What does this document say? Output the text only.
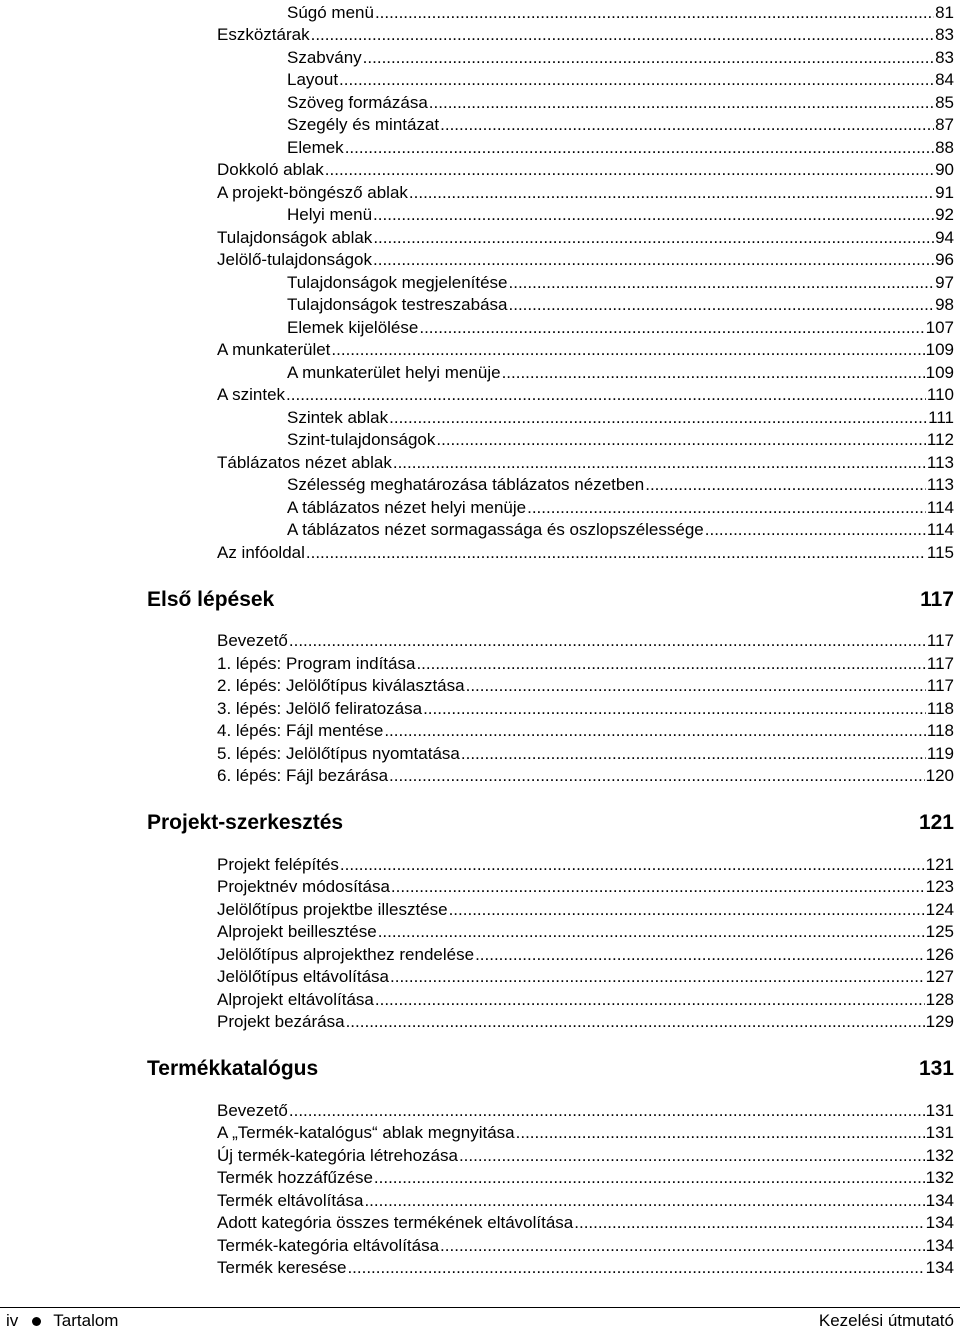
Súgó menü .....	81
Eszköztárak .....	83
Szabvány .....	83
Layout .....	84
Szöveg formázása .....	85
Szegély és mintázat .....	87
Elemek .....	88
Dokkoló ablak .....	90
A projekt-böngésző ablak .....	91
Helyi menü .....	92
Tulajdonságok ablak .....	94
Jelölő-tulajdonságok .....	96
Tulajdonságok megjelenítése .....	97
Tulajdonságok testreszabása .....	98
Elemek kijelölése .....	107
A munkaterület .....	109
A munkaterület helyi menüje .....	109
A szintek .....	110
Szintek ablak .....	111
Szint-tulajdonságok .....	112
Táblázatos nézet ablak .....	113
Szélesség meghatározása táblázatos nézetben .....	113
A táblázatos nézet helyi menüje .....	114
A táblázatos nézet sormagassága és oszlopszélessége .....	114
Az infóoldal .....	115
Első lépések	117
Bevezető .....	117
1. lépés: Program indítása .....	117
2. lépés: Jelölőtípus kiválasztása .....	117
3. lépés: Jelölő feliratozása .....	118
4. lépés: Fájl mentése .....	118
5. lépés: Jelölőtípus nyomtatása .....	119
6. lépés: Fájl bezárása .....	120
Projekt-szerkesztés	121
Projekt felépítés .....	121
Projektnév módosítása .....	123
Jelölőtípus projektbe illesztése .....	124
Alprojekt beillesztése .....	125
Jelölőtípus alprojekthez rendelése .....	126
Jelölőtípus eltávolítása .....	127
Alprojekt eltávolítása .....	128
Projekt bezárása .....	129
Termékkatalógus	131
Bevezető .....	131
A „Termék-katalógus“ ablak megnyitása .....	131
Új termék-kategória létrehozása .....	132
Termék hozzáfűzése .....	132
Termék eltávolítása .....	134
Adott kategória összes termékének eltávolítása .....	134
Termék-kategória eltávolítása .....	134
Termék keresése .....	134
iv Tartalom	Kezelési útmutató
